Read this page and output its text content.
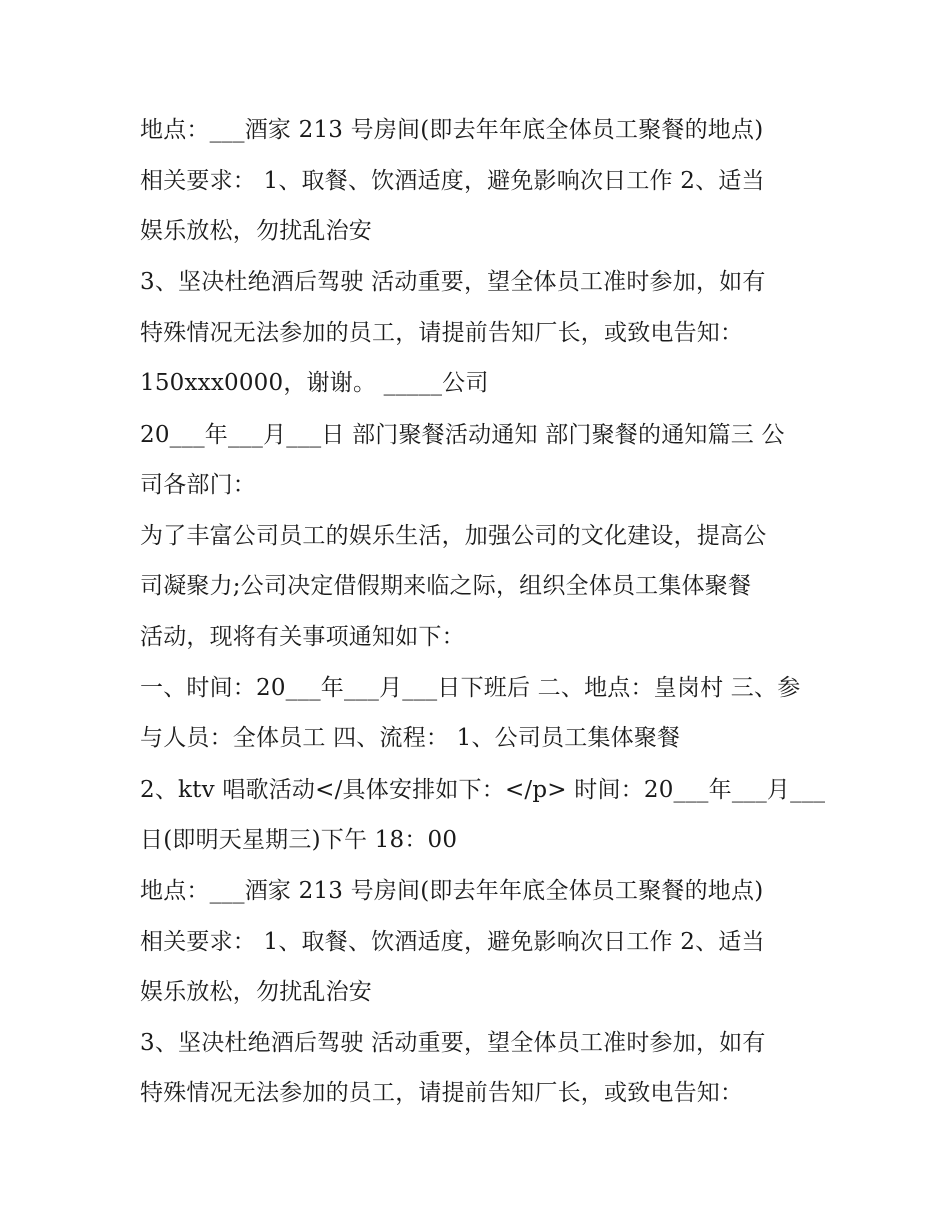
地点：___酒家 213 号房间(即去年年底全体员工聚餐的地点)
相关要求： 1、取餐、饮酒适度，避免影响次日工作 2、适当
娱乐放松，勿扰乱治安
3、坚决杜绝酒后驾驶 活动重要，望全体员工准时参加，如有
特殊情况无法参加的员工，请提前告知厂长，或致电告知：
150xxx0000，谢谢。 _____公司
20___年___月___日 部门聚餐活动通知 部门聚餐的通知篇三 公
司各部门：
为了丰富公司员工的娱乐生活，加强公司的文化建设，提高公
司凝聚力;公司决定借假期来临之际，组织全体员工集体聚餐
活动，现将有关事项通知如下：
一、时间：20___年___月___日下班后 二、地点：皇岗村 三、参
与人员：全体员工 四、流程： 1、公司员工集体聚餐
2、ktv 唱歌活动</具体安排如下：</p> 时间：20___年___月___
日(即明天星期三)下午 18：00
地点：___酒家 213 号房间(即去年年底全体员工聚餐的地点)
相关要求： 1、取餐、饮酒适度，避免影响次日工作 2、适当
娱乐放松，勿扰乱治安
3、坚决杜绝酒后驾驶 活动重要，望全体员工准时参加，如有
特殊情况无法参加的员工，请提前告知厂长，或致电告知：
